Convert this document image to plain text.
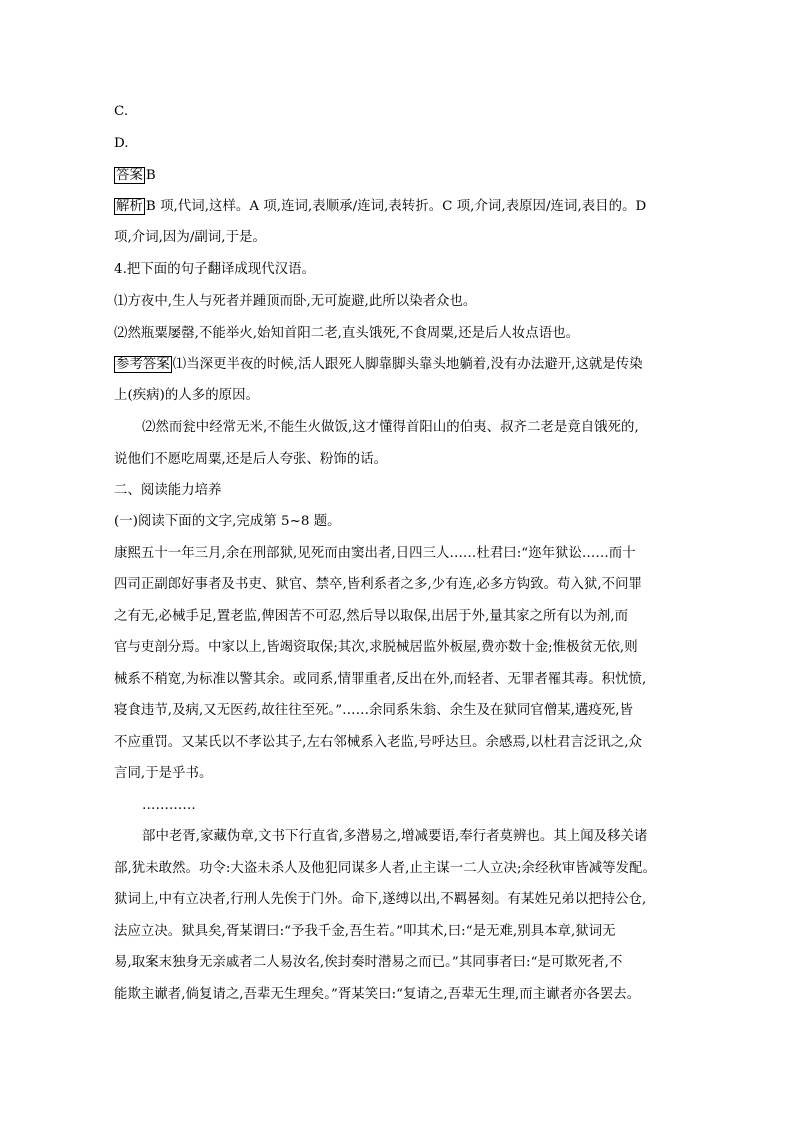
C.
D.
答案 B
解析 B 项,代词,这样。A 项,连词,表顺承/连词,表转折。C 项,介词,表原因/连词,表目的。D
项,介词,因为/副词,于是。
4.把下面的句子翻译成现代汉语。
⑴方夜中,生人与死者并踵顶而卧,无可旋避,此所以染者众也。
⑵然瓶粟屡罄,不能举火,始知首阳二老,直头饿死,不食周粟,还是后人妆点语也。
参考答案 ⑴当深更半夜的时候,活人跟死人脚靠脚头靠头地躺着,没有办法避开,这就是传染
上(疾病)的人多的原因。
⑵然而瓮中经常无米,不能生火做饭,这才懂得首阳山的伯夷、叔齐二老是竟自饿死的,
说他们不愿吃周粟,还是后人夸张、粉饰的话。
二、阅读能力培养
(一)阅读下面的文字,完成第 5~8 题。
康熙五十一年三月,余在刑部狱,见死而由窦出者,日四三人……杜君曰:“迩年狱讼……而十
四司正副郎好事者及书吏、狱官、禁卒,皆利系者之多,少有连,必多方钩致。苟入狱,不问罪
之有无,必械手足,置老监,俾困苦不可忍,然后导以取保,出居于外,量其家之所有以为剂,而
官与吏剖分焉。中家以上,皆竭资取保;其次,求脱械居监外板屋,费亦数十金;惟极贫无依,则
械系不稍宽,为标准以警其余。或同系,情罪重者,反出在外,而轻者、无罪者罹其毒。积忧愤,
寝食违节,及病,又无医药,故往往至死。”……余同系朱翁、余生及在狱同官僧某,遘疫死,皆
不应重罚。又某氏以不孝讼其子,左右邻械系入老监,号呼达旦。余感焉,以杜君言泛讯之,众
言同,于是乎书。
…………
部中老胥,家藏伪章,文书下行直省,多潜易之,增减要语,奉行者莫辨也。其上闻及移关诸
部,犹未敢然。功令:大盗未杀人及他犯同谋多人者,止主谋一二人立决;余经秋审皆减等发配。
狱词上,中有立决者,行刑人先俟于门外。命下,遂缚以出,不羁晷刻。有某姓兄弟以把持公仓,
法应立决。狱具矣,胥某谓曰:“予我千金,吾生若。”叩其术,曰:“是无难,别具本章,狱词无
易,取案末独身无亲戚者二人易汝名,俟封奏时潜易之而已。”其同事者曰:“是可欺死者,不
能欺主谳者,倘复请之,吾辈无生理矣。”胥某笑曰:“复请之,吾辈无生理,而主谳者亦各罢去。
